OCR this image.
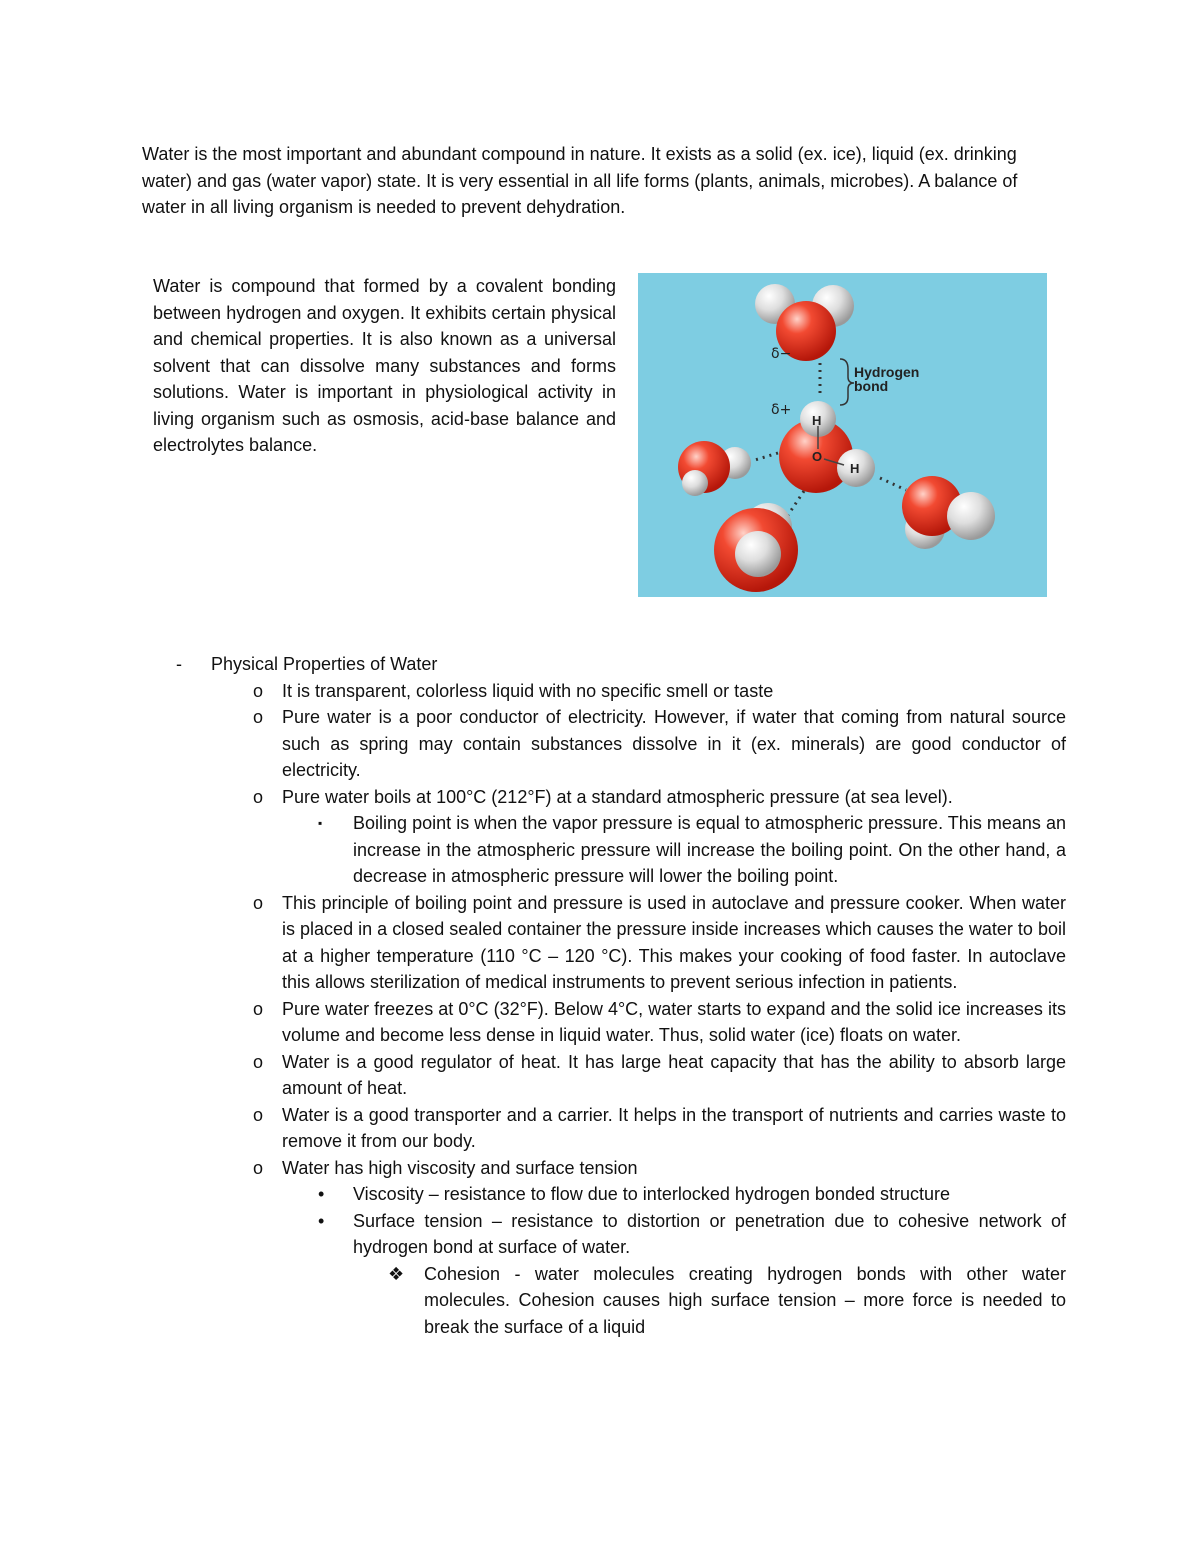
Water is the most important and abundant compound in nature. It exists as a solid (ex. ice), liquid (ex. drinking water) and gas (water vapor) state. It is very essential in all life forms (plants, animals, microbes). A balance of water in all living organism is needed to prevent dehydration.

Water is compound that formed by a covalent bonding between hydrogen and oxygen. It exhibits certain physical and chemical properties. It is also known as a universal solvent that can dissolve many substances and forms solutions. Water is important in physiological activity in living organism such as osmosis, acid-base balance and electrolytes balance.

Hydrogen
bond
δ−
δ+
H
O
H
- Physical Properties of Water
o It is transparent, colorless liquid with no specific smell or taste
o Pure water is a poor conductor of electricity. However, if water that coming from natural source such as spring may contain substances dissolve in it (ex. minerals) are good conductor of electricity.
o Pure water boils at 100°C (212°F) at a standard atmospheric pressure (at sea level).
▪ Boiling point is when the vapor pressure is equal to atmospheric pressure. This means an increase in the atmospheric pressure will increase the boiling point. On the other hand, a decrease in atmospheric pressure will lower the boiling point.
o This principle of boiling point and pressure is used in autoclave and pressure cooker. When water is placed in a closed sealed container the pressure inside increases which causes the water to boil at a higher temperature (110 °C – 120 °C). This makes your cooking of food faster. In autoclave this allows sterilization of medical instruments to prevent serious infection in patients.
o Pure water freezes at 0°C (32°F). Below 4°C, water starts to expand and the solid ice increases its volume and become less dense in liquid water. Thus, solid water (ice) floats on water.
o Water is a good regulator of heat. It has large heat capacity that has the ability to absorb large amount of heat.
o Water is a good transporter and a carrier. It helps in the transport of nutrients and carries waste to remove it from our body.
o Water has high viscosity and surface tension
• Viscosity – resistance to flow due to interlocked hydrogen bonded structure
• Surface tension – resistance to distortion or penetration due to cohesive network of hydrogen bond at surface of water.
❖ Cohesion - water molecules creating hydrogen bonds with other water molecules. Cohesion causes high surface tension – more force is needed to break the surface of a liquid
